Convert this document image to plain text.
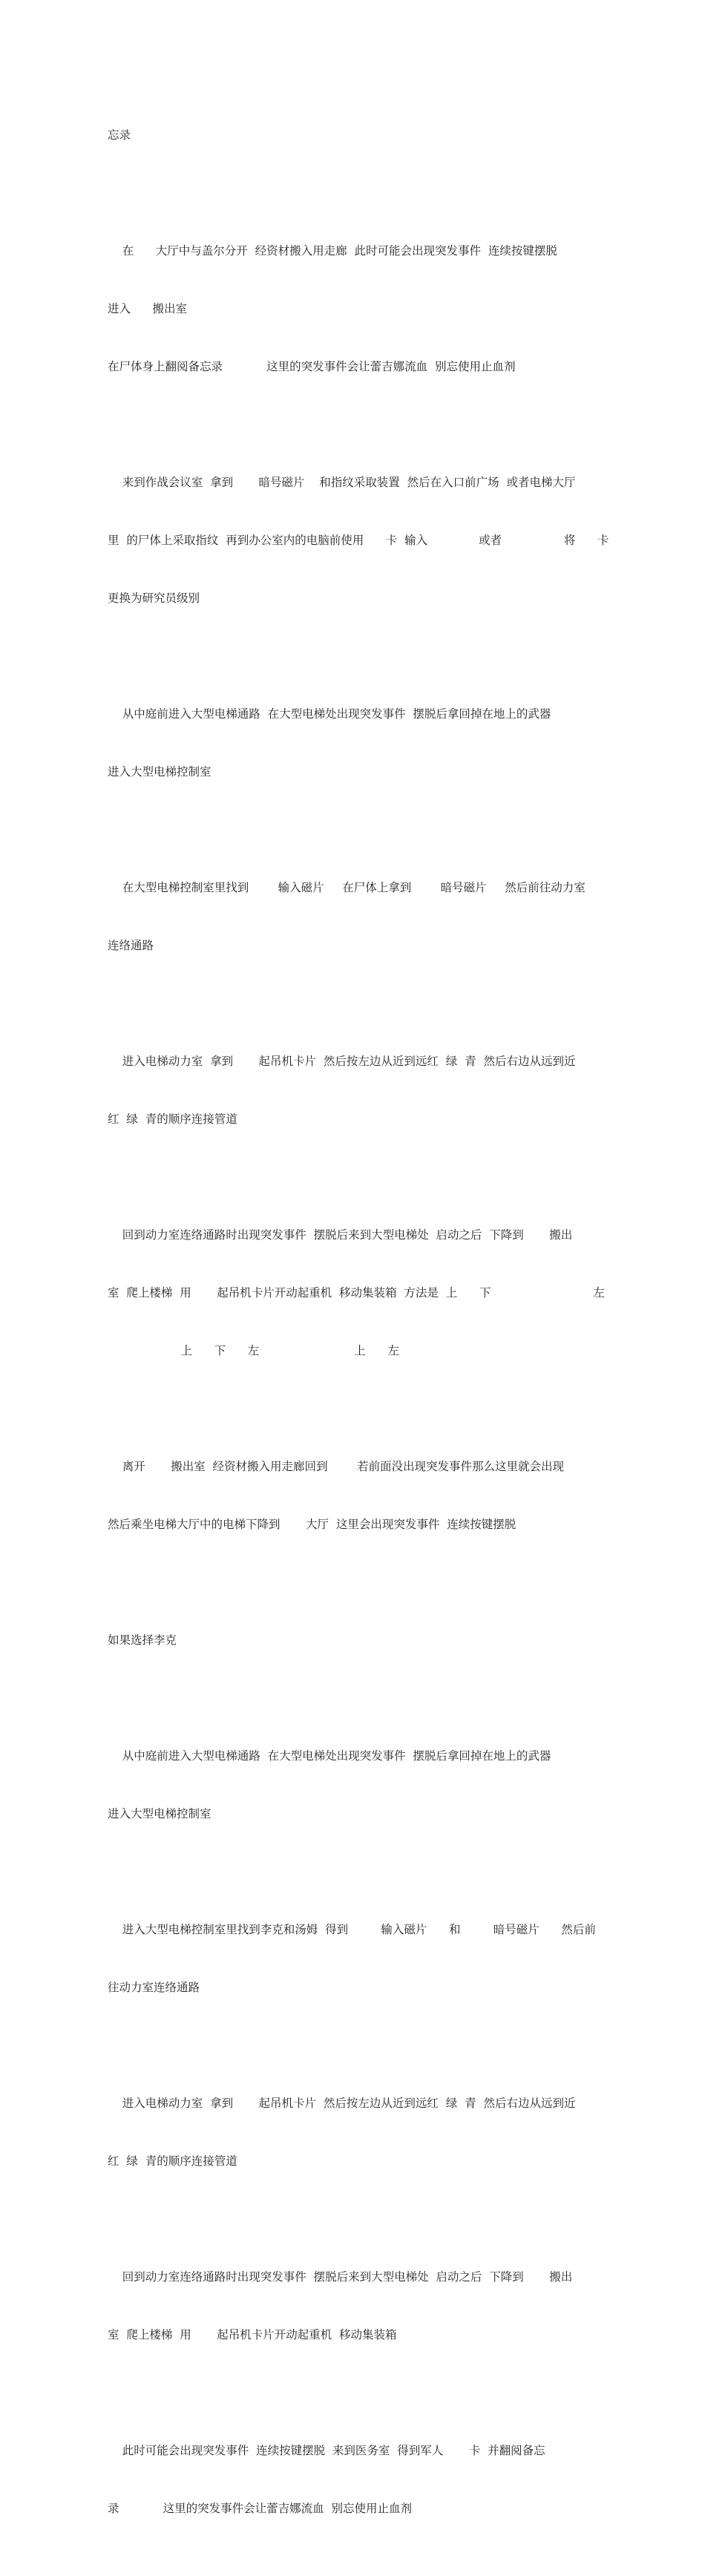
忘录

在      大厅中与盖尔分开  经资材搬入用走廊  此时可能会出现突发事件  连续按键摆脱

进入      搬出室

在尸体身上翻阅备忘录            这里的突发事件会让蕾吉娜流血  别忘使用止血剂

来到作战会议室  拿到       暗号磁片    和指纹采取装置  然后在入口前广场  或者电梯大厅

里  的尸体上采取指纹  再到办公室内的电脑前使用      卡  输入              或者                 将      卡

更换为研究员级别

从中庭前进入大型电梯通路  在大型电梯处出现突发事件  摆脱后拿回掉在地上的武器

进入大型电梯控制室

在大型电梯控制室里找到        输入磁片     在尸体上拿到        暗号磁片     然后前往动力室

连络通路

进入电梯动力室  拿到       起吊机卡片  然后按左边从近到远红  绿  青  然后右边从远到近

红  绿  青的顺序连接管道

回到动力室连络通路时出现突发事件  摆脱后来到大型电梯处  启动之后  下降到       搬出

室  爬上楼梯  用       起吊机卡片开动起重机  移动集装箱  方法是  上      下                            左

上      下      左                          上      左

离开       搬出室  经资材搬入用走廊回到        若前面没出现突发事件那么这里就会出现

然后乘坐电梯大厅中的电梯下降到       大厅  这里会出现突发事件  连续按键摆脱

如果选择李克

从中庭前进入大型电梯通路  在大型电梯处出现突发事件  摆脱后拿回掉在地上的武器

进入大型电梯控制室

进入大型电梯控制室里找到李克和汤姆  得到         输入磁片      和         暗号磁片      然后前

往动力室连络通路

进入电梯动力室  拿到       起吊机卡片  然后按左边从近到远红  绿  青  然后右边从远到近

红  绿  青的顺序连接管道

回到动力室连络通路时出现突发事件  摆脱后来到大型电梯处  启动之后  下降到       搬出

室  爬上楼梯  用       起吊机卡片开动起重机  移动集装箱

此时可能会出现突发事件  连续按键摆脱  来到医务室  得到军人       卡  并翻阅备忘

录            这里的突发事件会让蕾吉娜流血  别忘使用止血剂
